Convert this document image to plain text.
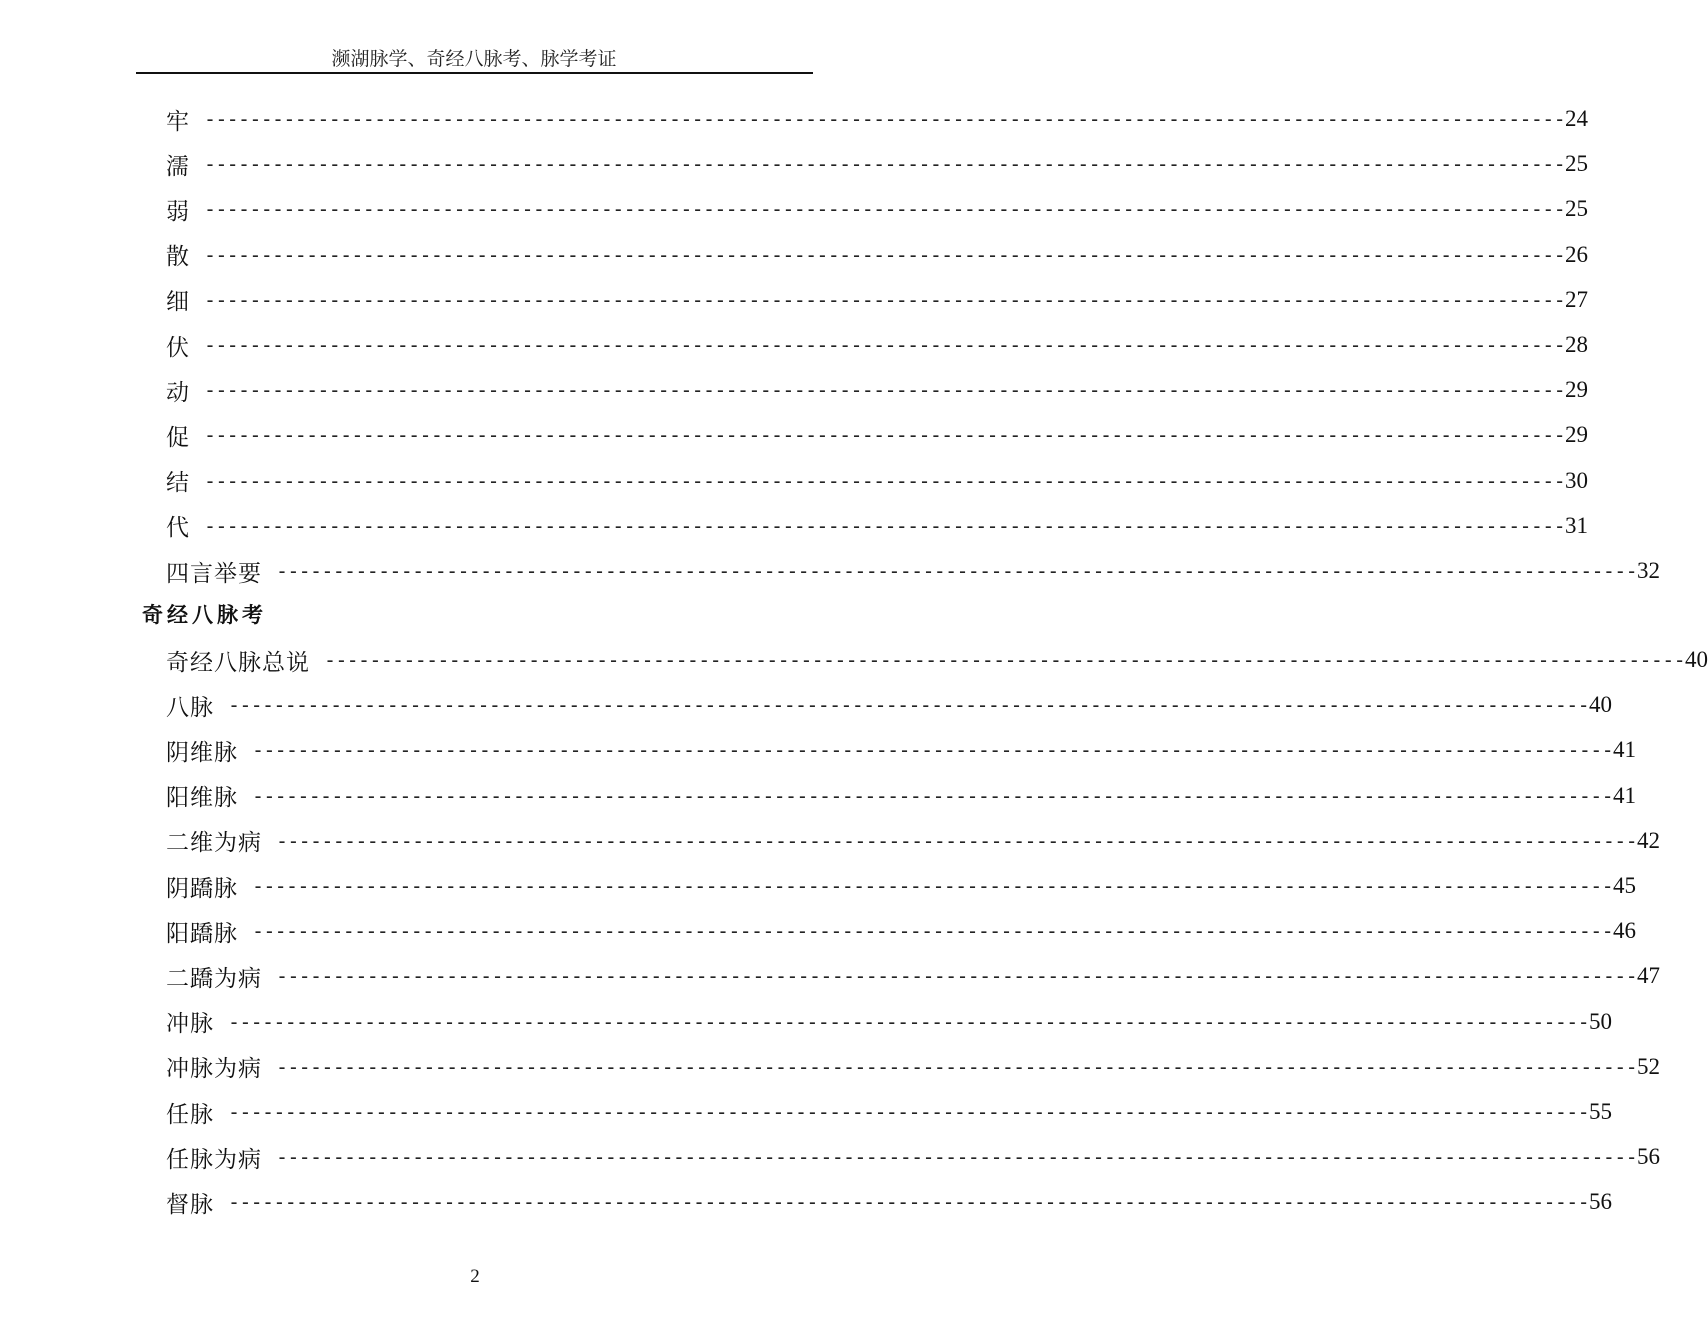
濒湖脉学、奇经八脉考、脉学考证
牢 ------------------------------------------------------------------------------------------------------------------------ 24
濡 ------------------------------------------------------------------------------------------------------------------------ 25
弱 ------------------------------------------------------------------------------------------------------------------------ 25
散 ------------------------------------------------------------------------------------------------------------------------ 26
细 ------------------------------------------------------------------------------------------------------------------------ 27
伏 ------------------------------------------------------------------------------------------------------------------------ 28
动 ------------------------------------------------------------------------------------------------------------------------ 29
促 ------------------------------------------------------------------------------------------------------------------------ 29
结 ------------------------------------------------------------------------------------------------------------------------ 30
代 ------------------------------------------------------------------------------------------------------------------------ 31
四言举要 ------------------------------------------------------------------------------------------------------------------------ 32
奇经八脉考
奇经八脉总说 ------------------------------------------------------------------------------------------------------------------------ 40
八脉 ------------------------------------------------------------------------------------------------------------------------ 40
阴维脉 ------------------------------------------------------------------------------------------------------------------------ 41
阳维脉 ------------------------------------------------------------------------------------------------------------------------ 41
二维为病 ------------------------------------------------------------------------------------------------------------------------ 42
阴蹻脉 ------------------------------------------------------------------------------------------------------------------------ 45
阳蹻脉 ------------------------------------------------------------------------------------------------------------------------ 46
二蹻为病 ------------------------------------------------------------------------------------------------------------------------ 47
冲脉 ------------------------------------------------------------------------------------------------------------------------ 50
冲脉为病 ------------------------------------------------------------------------------------------------------------------------ 52
任脉 ------------------------------------------------------------------------------------------------------------------------ 55
任脉为病 ------------------------------------------------------------------------------------------------------------------------ 56
督脉 ------------------------------------------------------------------------------------------------------------------------ 56
2
